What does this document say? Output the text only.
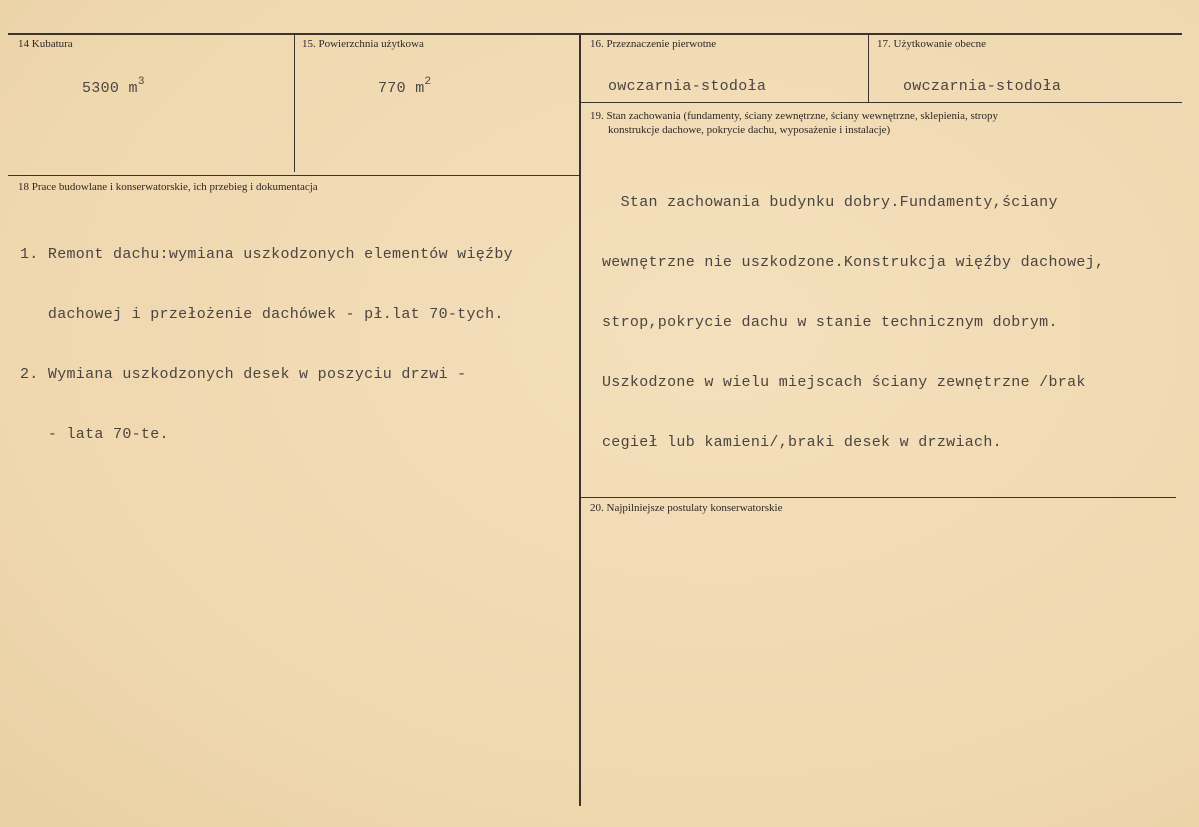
14 Kubatura
5300 $m^3$
15. Powierzchnia użytkowa
770 $m^2$
16. Przeznaczenie pierwotne
owczarnia-stodoła
17. Użytkowanie obecne
owczarnia-stodoła
19. Stan zachowania (fundamenty, ściany zewnętrzne, ściany wewnętrzne, sklepienia, stropy
konstrukcje dachowe, pokrycie dachu, wyposażenie i instalacje)

Stan zachowania budynku dobry.Fundamenty,ściany

wewnętrzne nie uszkodzone.Konstrukcja więźby dachowej,

strop,pokrycie dachu w stanie technicznym dobrym.

Uszkodzone w wielu miejscach ściany zewnętrzne /brak

cegieł lub kamieni/,braki desek w drzwiach.

18 Prace budowlane i konserwatorskie, ich przebieg i dokumentacja

1. Remont dachu:wymiana uszkodzonych elementów więźby

dachowej i przełożenie dachówek - pł.lat 70-tych.

2. Wymiana uszkodzonych desek w poszyciu drzwi -

- lata 70-te.

20. Najpilniejsze postulaty konserwatorskie
